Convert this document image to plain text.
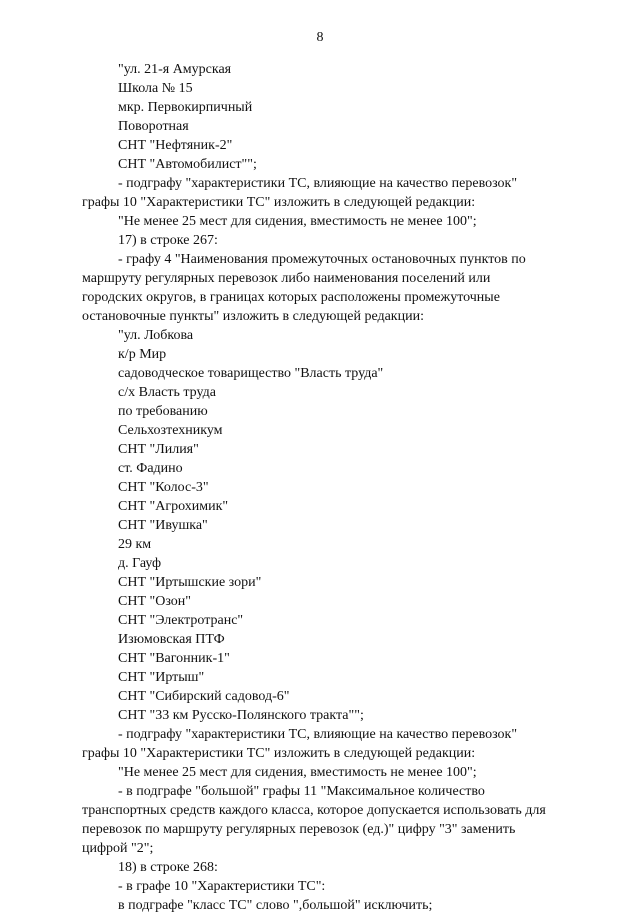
8
"ул. 21-я Амурская
Школа № 15
мкр. Первокирпичный
Поворотная
СНТ "Нефтяник-2"
СНТ "Автомобилист"";
- подграфу "характеристики ТС, влияющие на качество перевозок"
графы 10 "Характеристики ТС" изложить в следующей редакции:
"Не менее 25 мест для сидения, вместимость не менее 100";
17) в строке 267:
- графу 4 "Наименования промежуточных остановочных пунктов по
маршруту регулярных перевозок либо наименования поселений или
городских округов, в границах которых расположены промежуточные
остановочные пункты" изложить в следующей редакции:
"ул. Лобкова
к/р Мир
садоводческое товарищество "Власть труда"
с/х Власть труда
по требованию
Сельхозтехникум
СНТ "Лилия"
ст. Фадино
СНТ "Колос-3"
СНТ "Агрохимик"
СНТ "Ивушка"
29 км
д. Гауф
СНТ "Иртышские зори"
СНТ "Озон"
СНТ "Электротранс"
Изюмовская ПТФ
СНТ "Вагонник-1"
СНТ "Иртыш"
СНТ "Сибирский садовод-6"
СНТ "33 км Русско-Полянского тракта"";
- подграфу "характеристики ТС, влияющие на качество перевозок"
графы 10 "Характеристики ТС" изложить в следующей редакции:
"Не менее 25 мест для сидения, вместимость не менее 100";
- в подграфе "большой" графы 11 "Максимальное количество
транспортных средств каждого класса, которое допускается использовать для
перевозок по маршруту регулярных перевозок (ед.)" цифру "3" заменить
цифрой "2";
18) в строке 268:
- в графе 10 "Характеристики ТС":
в подграфе "класс ТС" слово ",большой" исключить;
